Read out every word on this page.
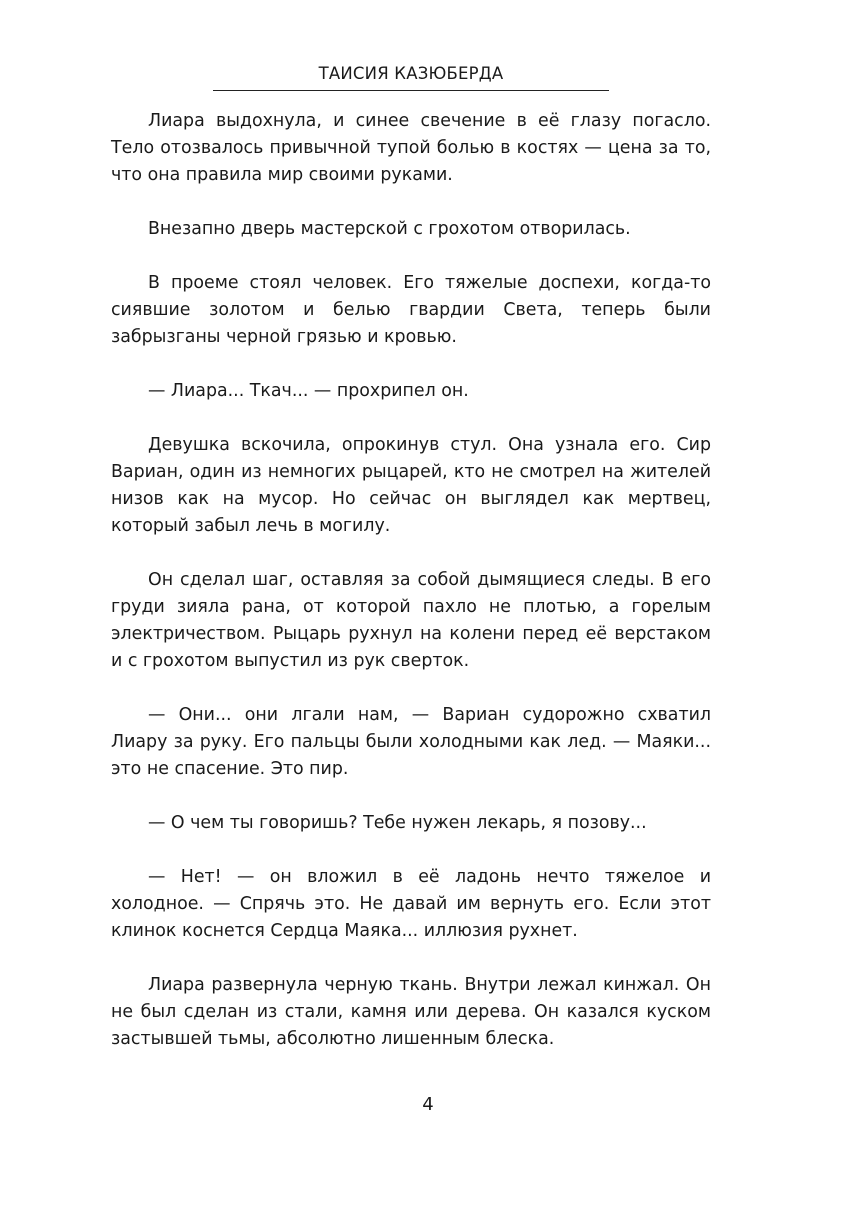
ТАИСИЯ КАЗЮБЕРДА

Лиара выдохнула, и синее свечение в её глазу погасло. Тело отозвалось привычной тупой болью в костях — цена за то, что она правила мир своими руками.

Внезапно дверь мастерской с грохотом отворилась.

В проеме стоял человек. Его тяжелые доспехи, когда-то сиявшие золотом и белью гвардии Света, теперь были забрызганы черной грязью и кровью.

— Лиара... Ткач... — прохрипел он.

Девушка вскочила, опрокинув стул. Она узнала его. Сир Вариан, один из немногих рыцарей, кто не смотрел на жителей низов как на мусор. Но сейчас он выглядел как мертвец, который забыл лечь в могилу.

Он сделал шаг, оставляя за собой дымящиеся следы. В его груди зияла рана, от которой пахло не плотью, а горелым электричеством. Рыцарь рухнул на колени перед её верстаком и с грохотом выпустил из рук сверток.

— Они... они лгали нам, — Вариан судорожно схватил Лиару за руку. Его пальцы были холодными как лед. — Маяки... это не спасение. Это пир.

— О чем ты говоришь? Тебе нужен лекарь, я позову...

— Нет! — он вложил в её ладонь нечто тяжелое и холодное. — Спрячь это. Не давай им вернуть его. Если этот клинок коснется Сердца Маяка... иллюзия рухнет.

Лиара развернула черную ткань. Внутри лежал кинжал. Он не был сделан из стали, камня или дерева. Он казался куском застывшей тьмы, абсолютно лишенным блеска.

4
